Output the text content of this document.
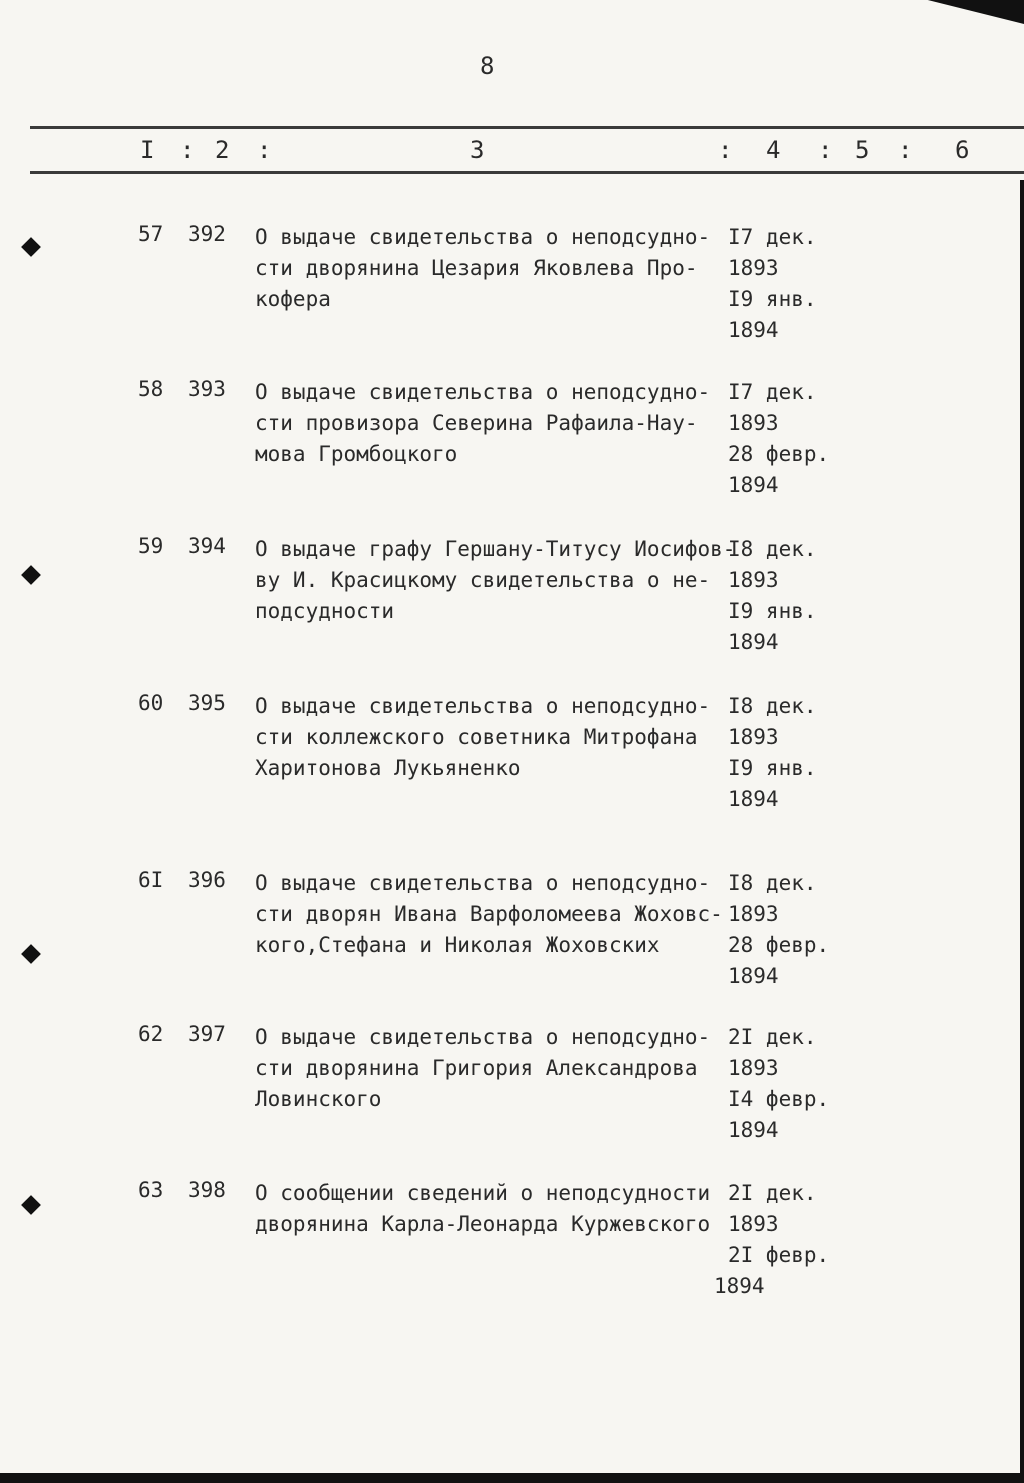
8
I : 2 :	3	: 4 : 5 : 6
57 392 О выдаче свидетельства о неподсудно-
сти дворянина Цезария Яковлева Про-
кофера
I7 дек.
1893
I9 янв.
1894
58 393 О выдаче свидетельства о неподсудно-
сти провизора Северина Рафаила-Нау-
мова Громбоцкого
I7 дек.
1893
28 февр.
1894
59 394 О выдаче графу Гершану-Титусу Иосифов-
ву И. Красицкому свидетельства о не-
подсудности
I8 дек.
1893
I9 янв.
1894
60 395 О выдаче свидетельства о неподсудно-
сти коллежского советника Митрофана
Харитонова Лукьяненко
I8 дек.
1893
I9 янв.
1894
6I 396 О выдаче свидетельства о неподсудно-
сти дворян Ивана Варфоломеева Жоховс-
кого,Стефана и Николая Жоховских
I8 дек.
1893
28 февр.
1894
62 397 О выдаче свидетельства о неподсудно-
сти дворянина Григория Александрова
Ловинского
2I дек.
1893
I4 февр.
1894
63 398 О сообщении сведений о неподсудности
дворянина Карла-Леонарда Куржевского
2I дек.
1893
2I февр.
1894
